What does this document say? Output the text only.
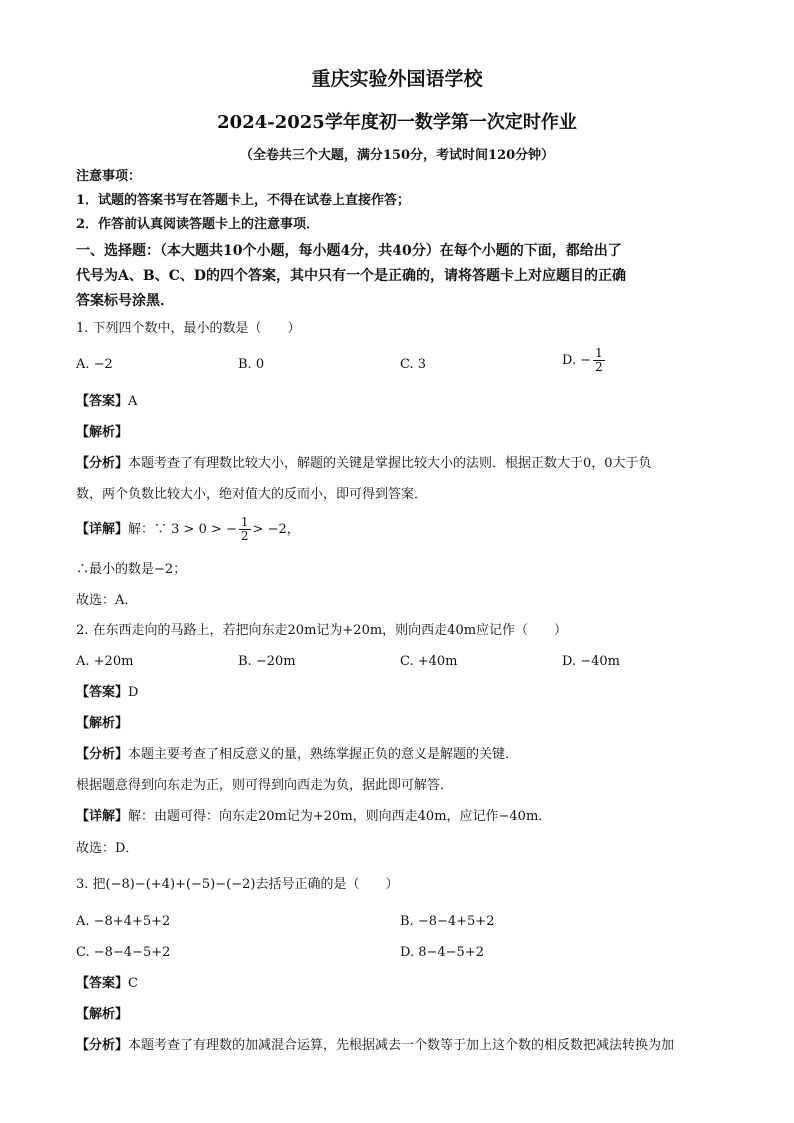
重庆实验外国语学校
2024-2025学年度初一数学第一次定时作业
（全卷共三个大题，满分150分，考试时间120分钟）
注意事项：
1．试题的答案书写在答题卡上，不得在试卷上直接作答；
2．作答前认真阅读答题卡上的注意事项．
一、选择题：（本大题共10个小题，每小题4分，共40分）在每个小题的下面，都给出了
代号为A、B、C、D的四个答案，其中只有一个是正确的，请将答题卡上对应题目的正确
答案标号涂黑．
1. 下列四个数中，最小的数是（　　）
A. −2	B. 0	C. 3	D. − $\frac{1}{2}$
【答案】A
【解析】
【分析】本题考查了有理数比较大小，解题的关键是掌握比较大小的法则．根据正数大于0，0大于负
数，两个负数比较大小，绝对值大的反而小，即可得到答案．
【详解】解：∵ 3 > 0 > − $\frac{1}{2} > -2$，
∴最小的数是−2；
故选：A．
2. 在东西走向的马路上，若把向东走20m记为+20m，则向西走40m应记作（　　）
A. +20m	B. −20m	C. +40m	D. −40m
【答案】D
【解析】
【分析】本题主要考查了相反意义的量，熟练掌握正负的意义是解题的关键．
根据题意得到向东走为正，则可得到向西走为负，据此即可解答．
【详解】解：由题可得：向东走20m记为+20m，则向西走40m，应记作−40m．
故选：D．
3. 把(−8)−(+4)+(−5)−(−2)去括号正确的是（　　）
A. −8+4+5+2	B. −8−4+5+2
C. −8−4−5+2	D. 8−4−5+2
【答案】C
【解析】
【分析】本题考查了有理数的加减混合运算，先根据减去一个数等于加上这个数的相反数把减法转换为加
